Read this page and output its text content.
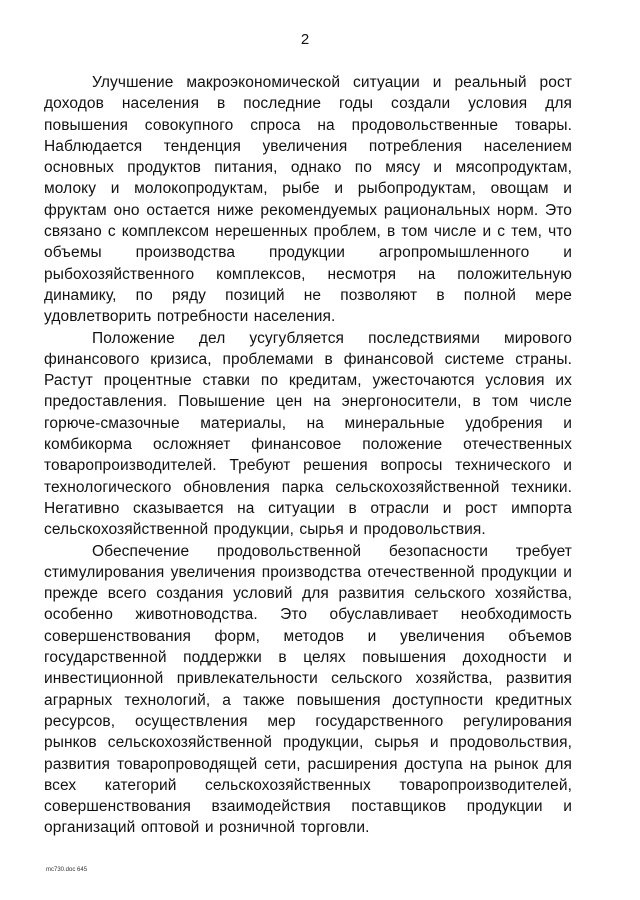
2

Улучшение макроэкономической ситуации и реальный рост доходов населения в последние годы создали условия для повышения совокупного спроса на продовольственные товары. Наблюдается тенденция увеличения потребления населением основных продуктов питания, однако по мясу и мясопродуктам, молоку и молокопродуктам, рыбе и рыбопродуктам, овощам и фруктам оно остается ниже рекомендуемых рациональных норм. Это связано с комплексом нерешенных проблем, в том числе и с тем, что объемы производства продукции агропромышленного и рыбохозяйственного комплексов, несмотря на положительную динамику, по ряду позиций не позволяют в полной мере удовлетворить потребности населения.

Положение дел усугубляется последствиями мирового финансового кризиса, проблемами в финансовой системе страны. Растут процентные ставки по кредитам, ужесточаются условия их предоставления. Повышение цен на энергоносители, в том числе горюче-смазочные материалы, на минеральные удобрения и комбикорма осложняет финансовое положение отечественных товаропроизводителей. Требуют решения вопросы технического и технологического обновления парка сельскохозяйственной техники. Негативно сказывается на ситуации в отрасли и рост импорта сельскохозяйственной продукции, сырья и продовольствия.

Обеспечение продовольственной безопасности требует стимулирования увеличения производства отечественной продукции и прежде всего создания условий для развития сельского хозяйства, особенно животноводства. Это обуславливает необходимость совершенствования форм, методов и увеличения объемов государственной поддержки в целях повышения доходности и инвестиционной привлекательности сельского хозяйства, развития аграрных технологий, а также повышения доступности кредитных ресурсов, осуществления мер государственного регулирования рынков сельскохозяйственной продукции, сырья и продовольствия, развития товаропроводящей сети, расширения доступа на рынок для всех категорий сельскохозяйственных товаропроизводителей, совершенствования взаимодействия поставщиков продукции и организаций оптовой и розничной торговли.

mc730.doc 645
